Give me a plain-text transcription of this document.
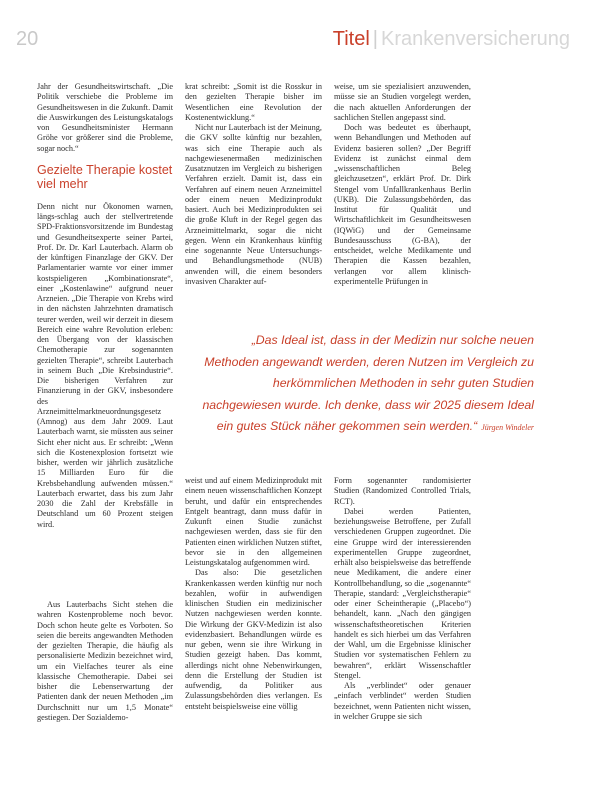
20	Titel | Krankenversicherung

Jahr der Gesundheitswirtschaft. „Die Politik verschiebe die Probleme im Gesundheitswesen in die Zukunft. Damit die Auswirkungen des Leistungskatalogs von Gesundheitsminister Hermann Gröhe vor größerer sind die Probleme, sogar noch.“

Gezielte Therapie kostet viel mehr

Denn nicht nur Ökonomen warnen, längs-schlag auch der stellvertretende SPD-Fraktionsvorsitzende im Bundestag und Gesundheitsexperte seiner Partei, Prof. Dr. Dr. Karl Lauterbach. Alarm ob der künftigen Finanzlage der GKV. Der Parlamentarier warnte vor einer immer kostspieligeren „Kombinationsrate“, einer „Kostenlawine“ aufgrund neuer Arzneien. „Die Therapie von Krebs wird in den nächsten Jahrzehnten dramatisch teurer werden, weil wir derzeit in diesem Bereich eine wahre Revolution erleben: den Übergang von der klassischen Chemotherapie zur sogenannten gezielten Therapie“, schreibt Lauterbach in seinem Buch „Die Krebsindustrie“. Die bisherigen Verfahren zur Finanzierung in der GKV, insbesondere des Arzneimittelmarktneuordnungsgesetz (Amnog) aus dem Jahr 2009. Laut Lauterbach warnt, sie müssten aus seiner Sicht eher nicht aus. Er schreibt: „Wenn sich die Kostenexplosion fortsetzt wie bisher, werden wir jährlich zusätzliche 15 Milliarden Euro für die Krebsbehandlung aufwenden müssen.“ Lauterbach erwartet, dass bis zum Jahr 2030 die Zahl der Krebsfälle in Deutschland um 60 Prozent steigen wird.

krat schreibt: „Somit ist die Rosskur in den gezielten Therapie bisher im Wesentlichen eine Revolution der Kostenentwicklung.“

Nicht nur Lauterbach ist der Meinung, die GKV sollte künftig nur bezahlen, was sich eine Therapie auch als nachgewiesenermaßen medizinischen Zusatznutzen im Vergleich zu bisherigen Verfahren erzielt. Damit ist, dass ein Verfahren auf einem neuen Arzneimittel oder einem neuen Medizinprodukt basiert. Auch bei Medizinprodukten sei die große Kluft in der Regel gegen das Arzneimittelmarkt, sogar die nicht gegen. Wenn ein Krankenhaus künftig eine sogenannte Neue Untersuchungs- und Behandlungsmethode (NUB) anwenden will, die einem besonders invasiven Charakter auf-

weise, um sie spezialisiert anzuwenden, müsse sie an Studien vorgelegt werden, die nach aktuellen Anforderungen der sachlichen Stellen angepasst sind.

Doch was bedeutet es überhaupt, wenn Behandlungen und Methoden auf Evidenz basieren sollen? „Der Begriff Evidenz ist zunächst einmal dem „wissenschaftlichen Beleg gleichzusetzen“, erklärt Prof. Dr. Dirk Stengel vom Unfallkrankenhaus Berlin (UKB). Die Zulassungsbehörden, das Institut für Qualität und Wirtschaftlichkeit im Gesundheitswesen (IQWiG) und der Gemeinsame Bundesausschuss (G-BA), der entscheidet, welche Medikamente und Therapien die Kassen bezahlen, verlangen vor allem klinisch-experimentelle Prüfungen in

„Das Ideal ist, dass in der Medizin nur solche neuen Methoden angewandt werden, deren Nutzen im Vergleich zu herkömmlichen Methoden in sehr guten Studien nachgewiesen wurde. Ich denke, dass wir 2025 diesem Ideal ein gutes Stück näher gekommen sein werden.“ Jürgen Windeler

Aus Lauterbachs Sicht stehen die wahren Kostenprobleme noch bevor. Doch schon heute gelte es Vorboten. So seien die bereits angewandten Methoden der gezielten Therapie, die häufig als personalisierte Medizin bezeichnet wird, um ein Vielfaches teurer als eine klassische Chemotherapie. Dabei sei bisher die Lebenserwartung der Patienten dank der neuen Methoden „im Durchschnitt nur um 1,5 Monate“ gestiegen. Der Sozialdemo-

weist und auf einem Medizinprodukt mit einem neuen wissenschaftlichen Konzept beruht, und dafür ein entsprechendes Entgelt beantragt, dann muss dafür in Zukunft einen Studie zunächst nachgewiesen werden, dass sie für den Patienten einen wirklichen Nutzen stiftet, bevor sie in den allgemeinen Leistungskatalog aufgenommen wird.

Das also: Die gesetzlichen Krankenkassen werden künftig nur noch bezahlen, wofür in aufwendigen klinischen Studien ein medizinischer Nutzen nachgewiesen werden konnte. Die Wirkung der GKV-Medizin ist also evidenzbasiert. Behandlungen würde es nur geben, wenn sie ihre Wirkung in Studien gezeigt haben. Das kommt, allerdings nicht ohne Nebenwirkungen, denn die Erstellung der Studien ist aufwendig, da Politiker aus Zulassungsbehörden dies verlangen. Es entsteht beispielsweise eine völlig

Form sogenannter randomisierter Studien (Randomized Controlled Trials, RCT).

Dabei werden Patienten, beziehungsweise Betroffene, per Zufall verschiedenen Gruppen zugeordnet. Die eine Gruppe wird der interessierenden experimentellen Gruppe zugeordnet, erhält also beispielsweise das betreffende neue Medikament, die andere einer Kontrollbehandlung, so die „sogenannte“ Therapie, standard: „Vergleichstherapie“ oder einer Scheintherapie („Placebo“) behandelt, kann. „Nach den gängigen wissenschaftstheoretischen Kriterien handelt es sich hierbei um das Verfahren der Wahl, um die Ergebnisse klinischer Studien vor systematischen Fehlern zu bewahren“, erklärt Wissenschaftler Stengel.

Als „verblindet“ oder genauer „einfach verblindet“ werden Studien bezeichnet, wenn Patienten nicht wissen, in welcher Gruppe sie sich
